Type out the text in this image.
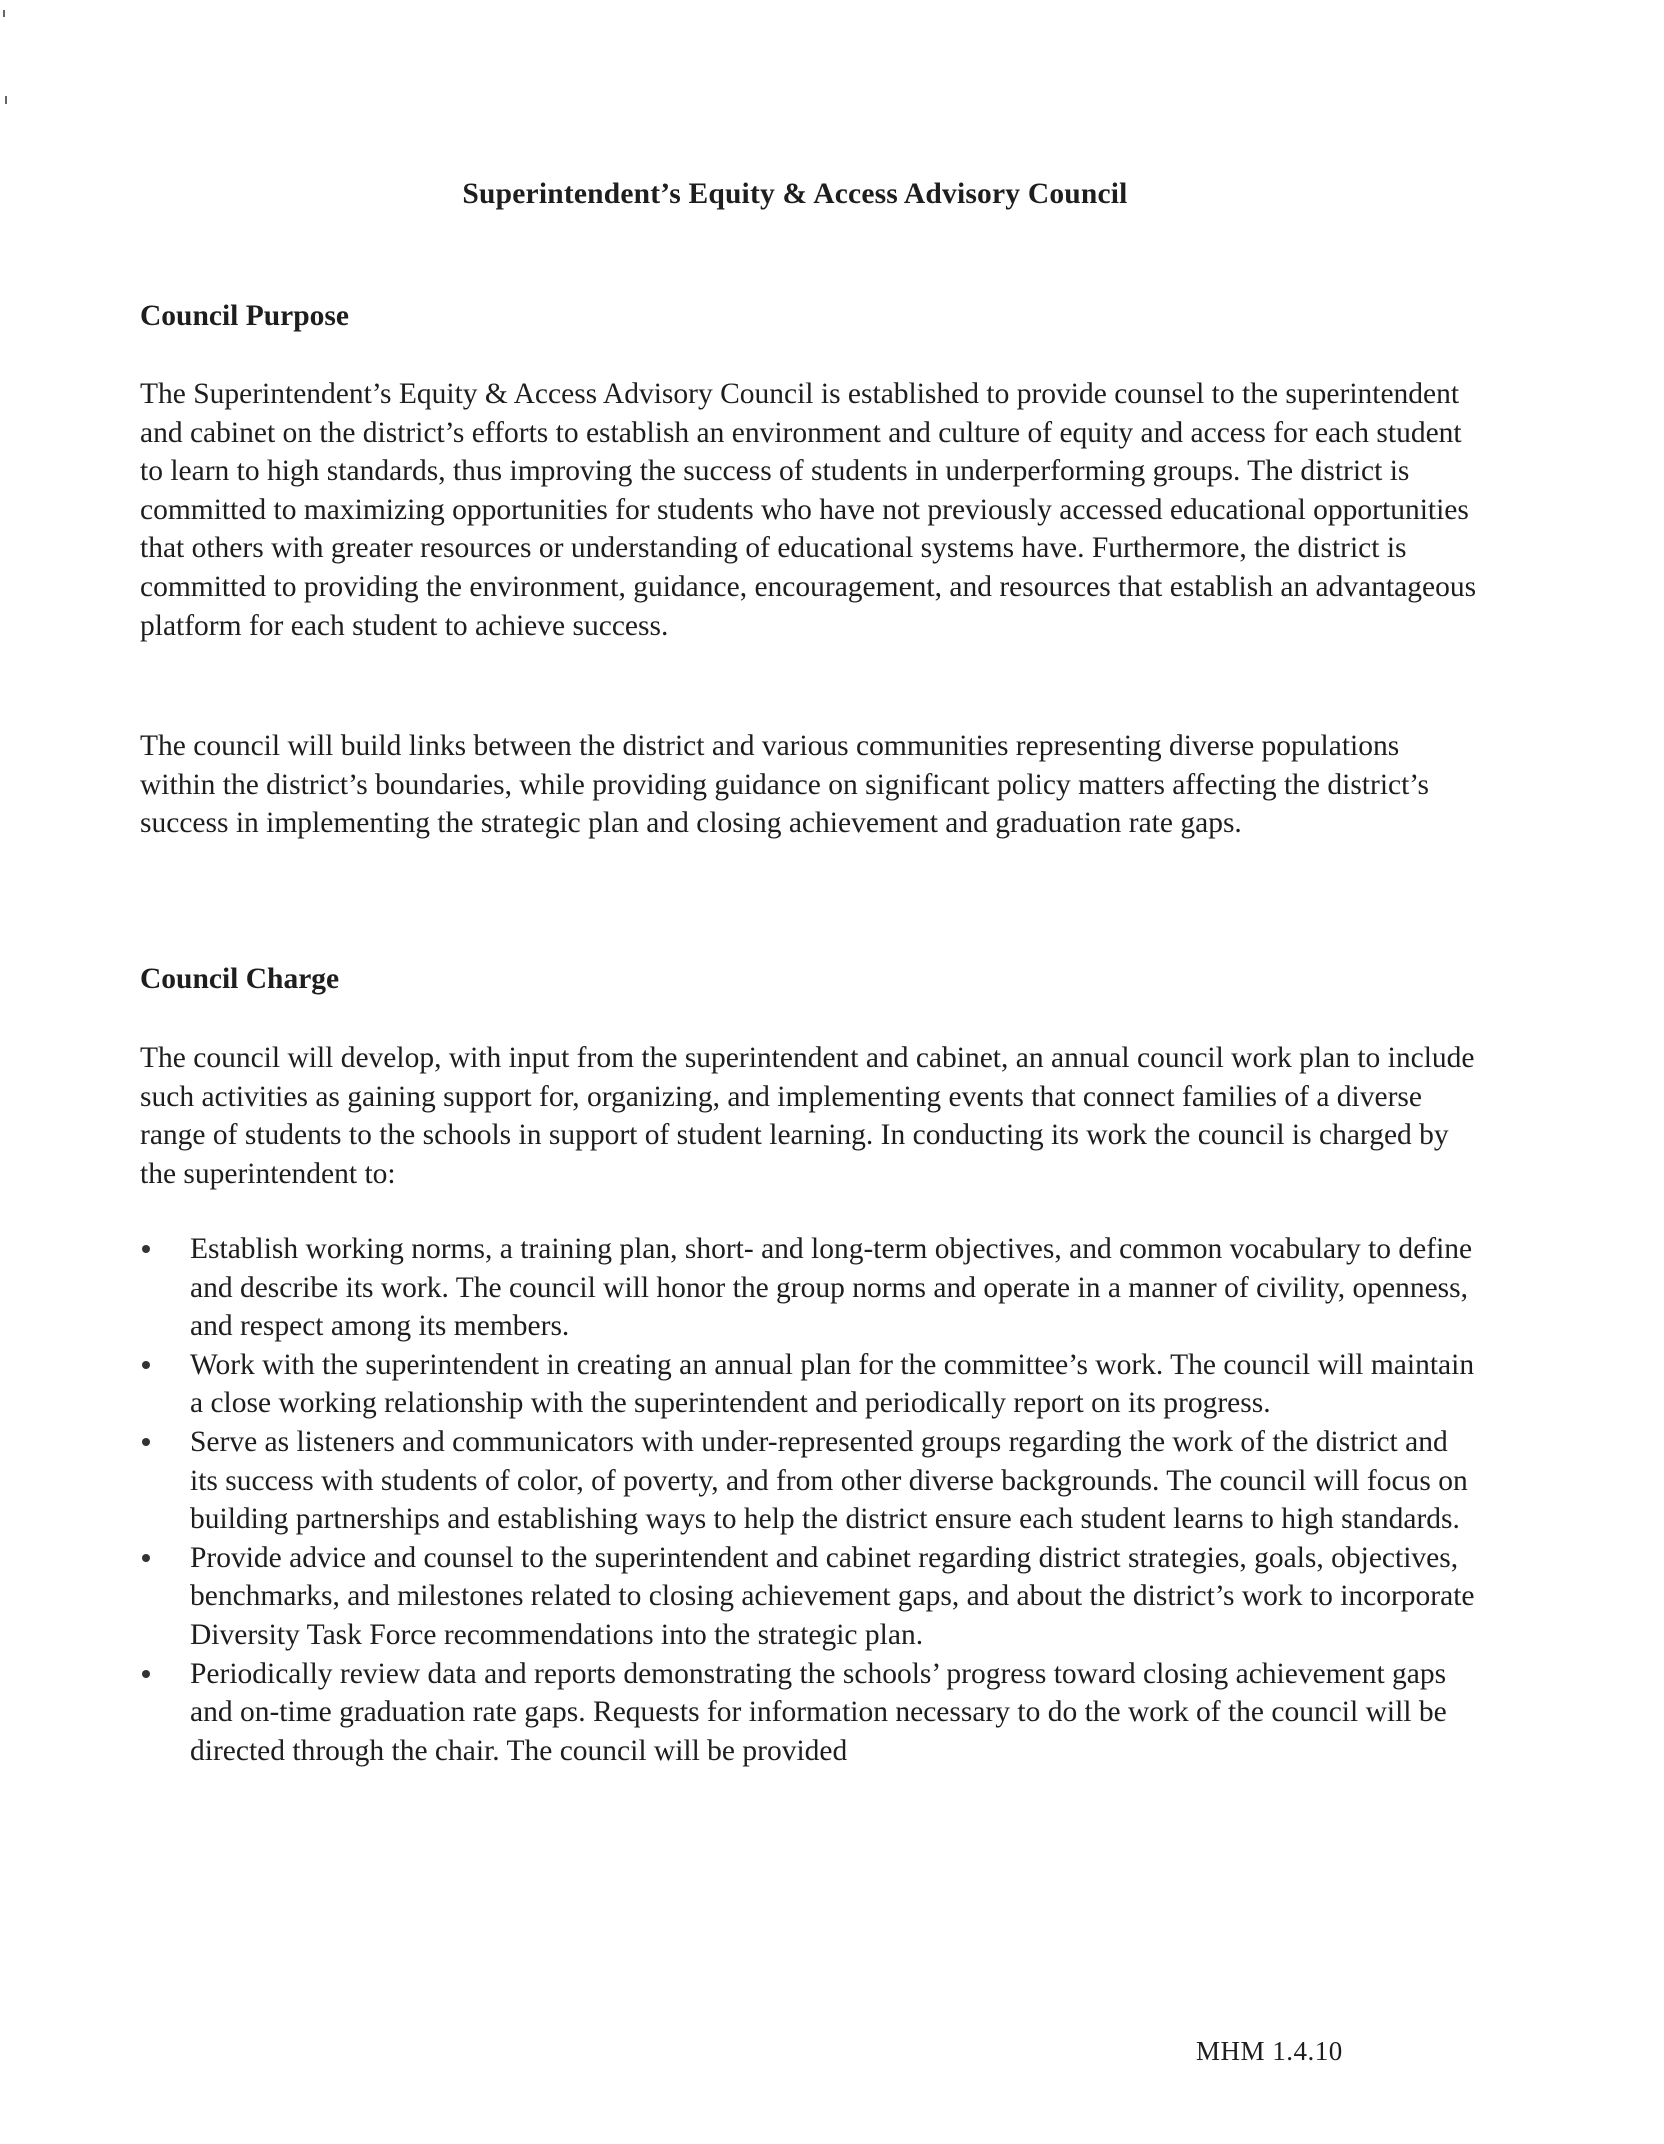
Superintendent’s Equity & Access Advisory Council
Council Purpose

The Superintendent’s Equity & Access Advisory Council is established to provide counsel to the superintendent and cabinet on the district’s efforts to establish an environment and culture of equity and access for each student to learn to high standards, thus improving the success of students in underperforming groups. The district is committed to maximizing opportunities for students who have not previously accessed educational opportunities that others with greater resources or understanding of educational systems have. Furthermore, the district is committed to providing the environment, guidance, encouragement, and resources that establish an advantageous platform for each student to achieve success.

The council will build links between the district and various communities representing diverse populations within the district’s boundaries, while providing guidance on significant policy matters affecting the district’s success in implementing the strategic plan and closing achievement and graduation rate gaps.

Council Charge

The council will develop, with input from the superintendent and cabinet, an annual council work plan to include such activities as gaining support for, organizing, and implementing events that connect families of a diverse range of students to the schools in support of student learning. In conducting its work the council is charged by the superintendent to:

Establish working norms, a training plan, short- and long-term objectives, and common vocabulary to define and describe its work. The council will honor the group norms and operate in a manner of civility, openness, and respect among its members.
Work with the superintendent in creating an annual plan for the committee’s work. The council will maintain a close working relationship with the superintendent and periodically report on its progress.
Serve as listeners and communicators with under-represented groups regarding the work of the district and its success with students of color, of poverty, and from other diverse backgrounds. The council will focus on building partnerships and establishing ways to help the district ensure each student learns to high standards.
Provide advice and counsel to the superintendent and cabinet regarding district strategies, goals, objectives, benchmarks, and milestones related to closing achievement gaps, and about the district’s work to incorporate Diversity Task Force recommendations into the strategic plan.
Periodically review data and reports demonstrating the schools’ progress toward closing achievement gaps and on-time graduation rate gaps. Requests for information necessary to do the work of the council will be directed through the chair. The council will be provided
MHM 1.4.10
